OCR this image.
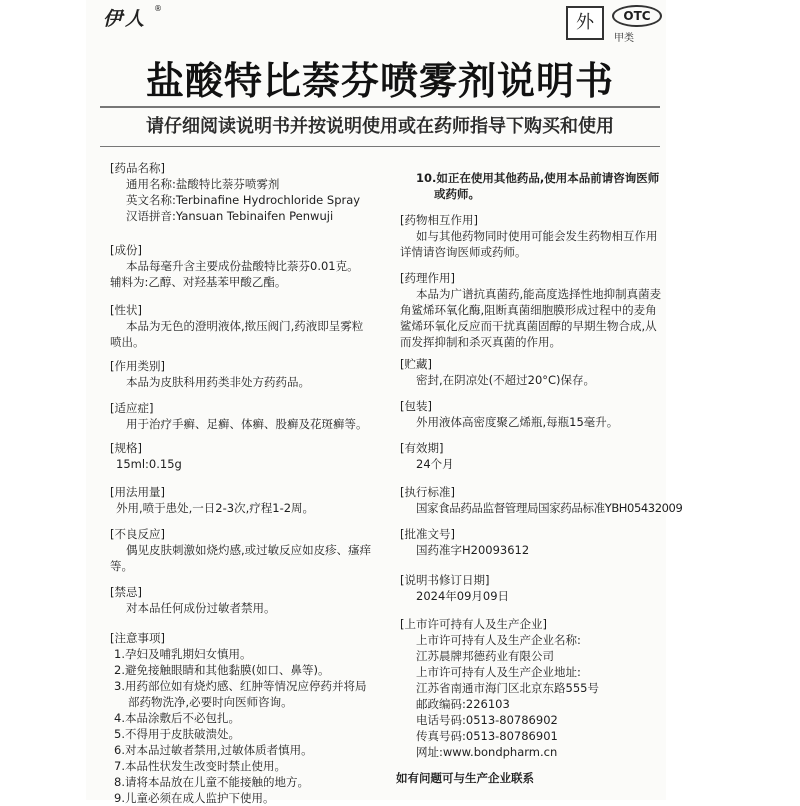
伊人 ®
外	OTC
甲类
盐酸特比萘芬喷雾剂说明书
请仔细阅读说明书并按说明使用或在药师指导下购买和使用
[药品名称]
通用名称:盐酸特比萘芬喷雾剂
英文名称:Terbinafine Hydrochloride Spray
汉语拼音:Yansuan Tebinaifen Penwuji
[成份]
本品每毫升含主要成份盐酸特比萘芬0.01克。
辅料为:乙醇、对羟基苯甲酸乙酯。
[性状]
本品为无色的澄明液体,揿压阀门,药液即呈雾粒
喷出。
[作用类别]
本品为皮肤科用药类非处方药药品。
[适应症]
用于治疗手癣、足癣、体癣、股癣及花斑癣等。
[规格]
15ml:0.15g
[用法用量]
外用,喷于患处,一日2-3次,疗程1-2周。
[不良反应]
偶见皮肤刺激如烧灼感,或过敏反应如皮疹、瘙痒
等。
[禁忌]
对本品任何成份过敏者禁用。
[注意事项]
1.孕妇及哺乳期妇女慎用。
2.避免接触眼睛和其他黏膜(如口、鼻等)。
3.用药部位如有烧灼感、红肿等情况应停药并将局
部药物洗净,必要时向医师咨询。
4.本品涂敷后不必包扎。
5.不得用于皮肤破溃处。
6.对本品过敏者禁用,过敏体质者慎用。
7.本品性状发生改变时禁止使用。
8.请将本品放在儿童不能接触的地方。
9.儿童必须在成人监护下使用。
10.如正在使用其他药品,使用本品前请咨询医师
或药师。
[药物相互作用]
如与其他药物同时使用可能会发生药物相互作用
详情请咨询医师或药师。
[药理作用]
本品为广谱抗真菌药,能高度选择性地抑制真菌麦
角鲨烯环氧化酶,阻断真菌细胞膜形成过程中的麦角
鲨烯环氧化反应而干扰真菌固醇的早期生物合成,从
而发挥抑制和杀灭真菌的作用。
[贮藏]
密封,在阴凉处(不超过20°C)保存。
[包装]
外用液体高密度聚乙烯瓶,每瓶15毫升。
[有效期]
24个月
[执行标准]
国家食品药品监督管理局国家药品标准YBH05432009
[批准文号]
国药准字H20093612
[说明书修订日期]
2024年09月09日
[上市许可持有人及生产企业]
上市许可持有人及生产企业名称:
江苏晨牌邦德药业有限公司
上市许可持有人及生产企业地址:
江苏省南通市海门区北京东路555号
邮政编码:226103
电话号码:0513-80786902
传真号码:0513-80786901
网址:www.bondpharm.cn
如有问题可与生产企业联系
